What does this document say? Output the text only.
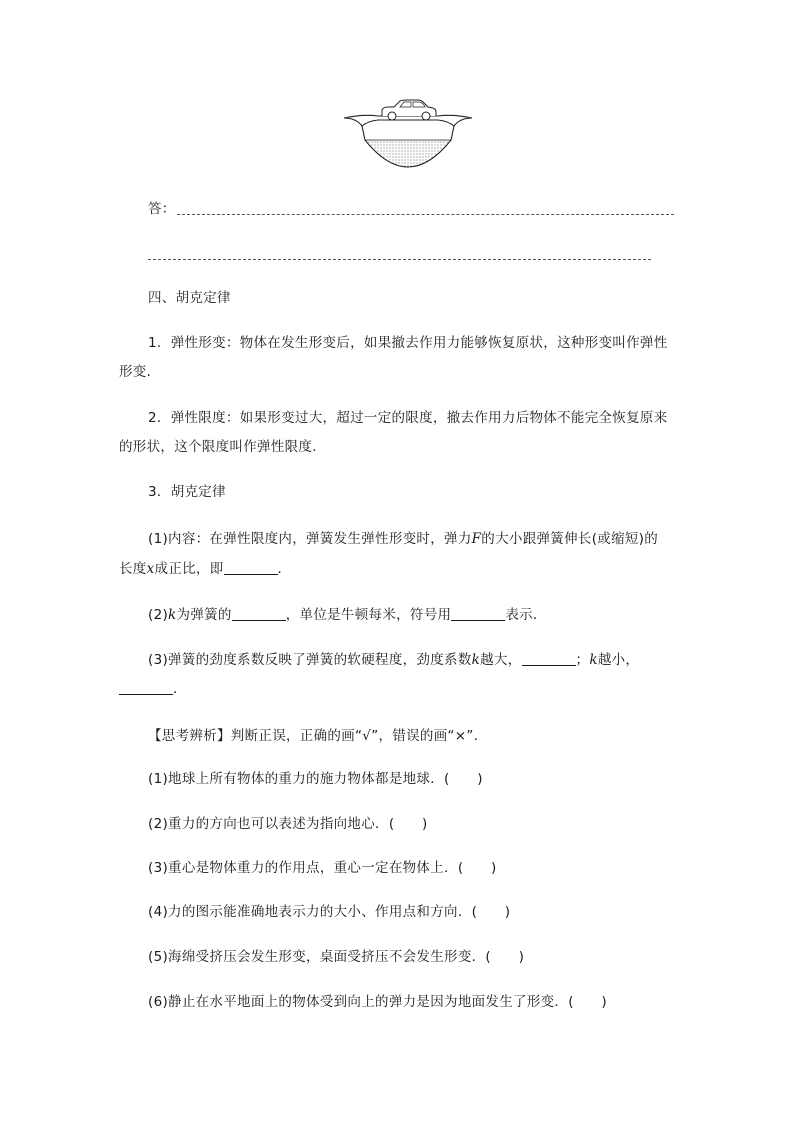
答：
四、胡克定律
1．弹性形变：物体在发生形变后，如果撤去作用力能够恢复原状，这种形变叫作弹性
形变．
2．弹性限度：如果形变过大，超过一定的限度，撤去作用力后物体不能完全恢复原来
的形状，这个限度叫作弹性限度．
3．胡克定律
(1)内容：在弹性限度内，弹簧发生弹性形变时，弹力F的大小跟弹簧伸长(或缩短)的
长度x成正比，即	．
(2)k为弹簧的	，单位是牛顿每米，符号用	表示．
(3)弹簧的劲度系数反映了弹簧的软硬程度，劲度系数k越大，	；k越小，
．
【思考辨析】判断正误，正确的画“√”，错误的画“×”．
(1)地球上所有物体的重力的施力物体都是地球．(　　)
(2)重力的方向也可以表述为指向地心．(　　)
(3)重心是物体重力的作用点，重心一定在物体上．(　　)
(4)力的图示能准确地表示力的大小、作用点和方向．(　　)
(5)海绵受挤压会发生形变，桌面受挤压不会发生形变．(　　)
(6)静止在水平地面上的物体受到向上的弹力是因为地面发生了形变．(　　)
